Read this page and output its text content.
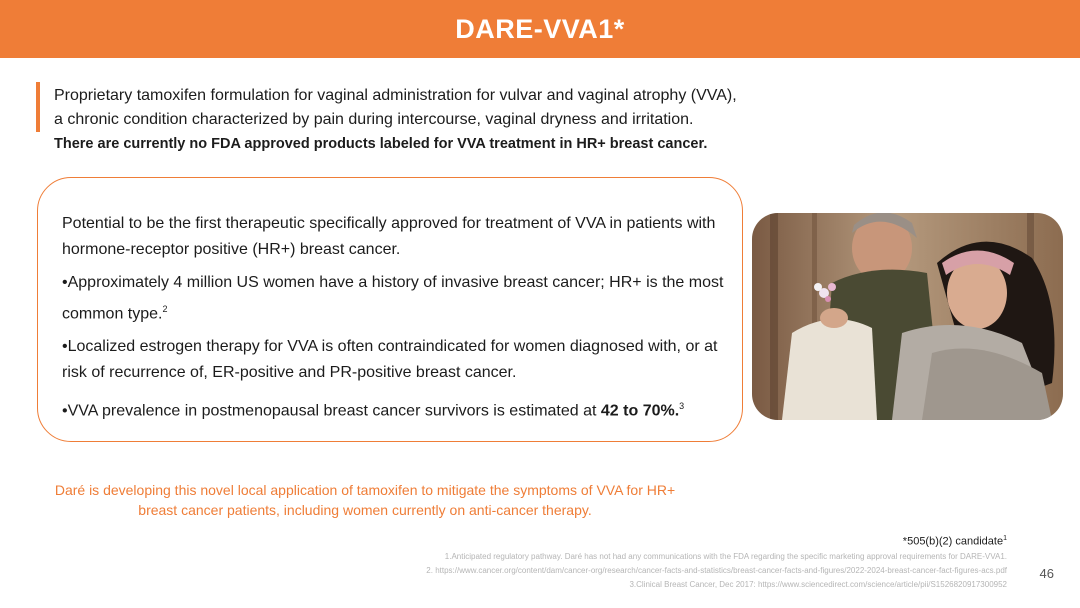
DARE-VVA1*

Proprietary tamoxifen formulation for vaginal administration for vulvar and vaginal atrophy (VVA),

a chronic condition characterized by pain during intercourse, vaginal dryness and irritation.

There are currently no FDA approved products labeled for VVA treatment in HR+ breast cancer.

Potential to be the first therapeutic specifically approved for treatment of VVA in patients with hormone-receptor positive (HR+) breast cancer.

•Approximately 4 million US women have a history of invasive breast cancer; HR+ is the most common type.$^2$

•Localized estrogen therapy for VVA is often contraindicated for women diagnosed with, or at risk of recurrence of, ER-positive and PR-positive breast cancer.

•VVA prevalence in postmenopausal breast cancer survivors is estimated at 42 to 70%.$^3$

Daré is developing this novel local application of tamoxifen to mitigate the symptoms of VVA for HR+
breast cancer patients, including women currently on anti-cancer therapy.
*505(b)(2) candidate$^1$

1.Anticipated regulatory pathway. Daré has not had any communications with the FDA regarding the specific marketing approval requirements for DARE-VVA1.

2. https://www.cancer.org/content/dam/cancer-org/research/cancer-facts-and-statistics/breast-cancer-facts-and-figures/2022-2024-breast-cancer-fact-figures-acs.pdf

3.Clinical Breast Cancer, Dec 2017: https://www.sciencedirect.com/science/article/pii/S1526820917300952

46
